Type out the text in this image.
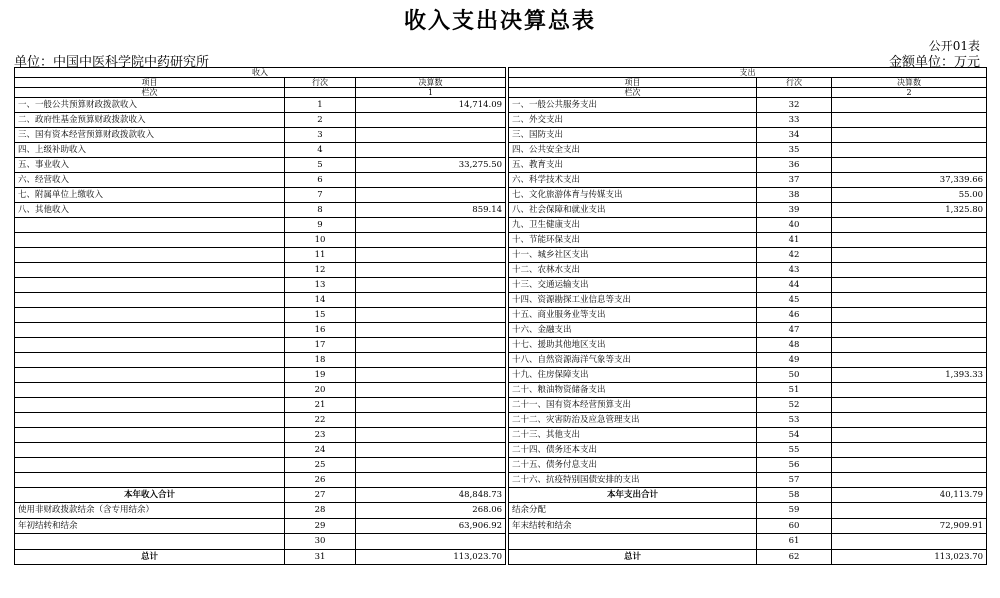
收入支出决算总表
公开01表
单位：中国中医科学院中药研究所	金额单位：万元
收入				支出		
项目	行次	决算数		项目	行次	决算数
栏次		1		栏次		2
一、一般公共预算财政拨款收入	1	14,714.09		一、一般公共服务支出	32	
二、政府性基金预算财政拨款收入	2			二、外交支出	33	
三、国有资本经营预算财政拨款收入	3			三、国防支出	34	
四、上级补助收入	4			四、公共安全支出	35	
五、事业收入	5	33,275.50		五、教育支出	36	
六、经营收入	6			六、科学技术支出	37	37,339.66
七、附属单位上缴收入	7			七、文化旅游体育与传媒支出	38	55.00
八、其他收入	8	859.14		八、社会保障和就业支出	39	1,325.80
	9			九、卫生健康支出	40	
	10			十、节能环保支出	41	
	11			十一、城乡社区支出	42	
	12			十二、农林水支出	43	
	13			十三、交通运输支出	44	
	14			十四、资源勘探工业信息等支出	45	
	15			十五、商业服务业等支出	46	
	16			十六、金融支出	47	
	17			十七、援助其他地区支出	48	
	18			十八、自然资源海洋气象等支出	49	
	19			十九、住房保障支出	50	1,393.33
	20			二十、粮油物资储备支出	51	
	21			二十一、国有资本经营预算支出	52	
	22			二十二、灾害防治及应急管理支出	53	
	23			二十三、其他支出	54	
	24			二十四、债务还本支出	55	
	25			二十五、债务付息支出	56	
	26			二十六、抗疫特别国债安排的支出	57	
本年收入合计	27	48,848.73		本年支出合计	58	40,113.79
使用非财政拨款结余（含专用结余）	28	268.06		结余分配	59	
年初结转和结余	29	63,906.92		年末结转和结余	60	72,909.91
	30				61	
总计	31	113,023.70		总计	62	113,023.70
